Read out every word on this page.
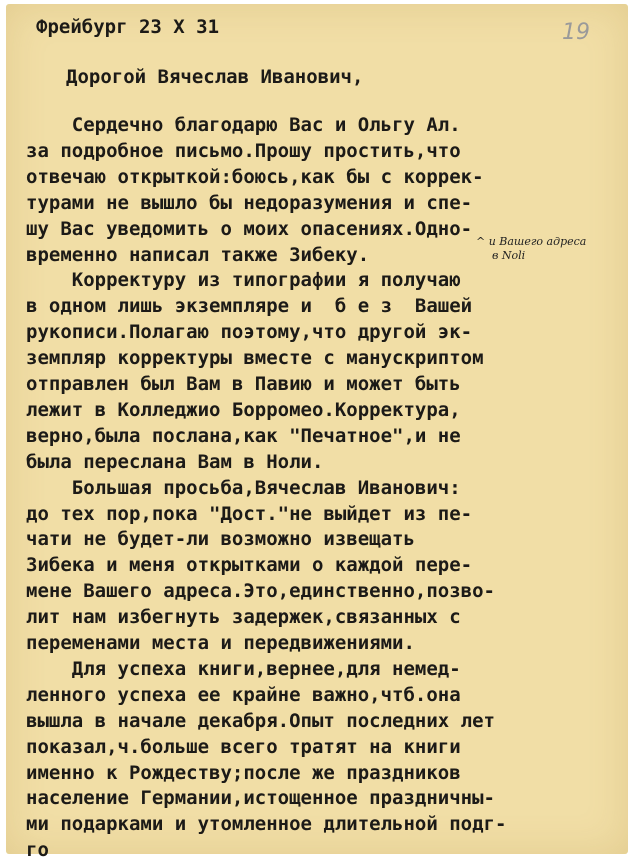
19
Фрейбург 23 X 31
Дорогой Вячеслав Иванович,
Сердечно благодарю Вас и Ольгу Ал.
за подробное письмо.Прошу простить,что
отвечаю открыткой:боюсь,как бы с коррек-
турами не вышло бы недоразумения и спе-
шу Вас уведомить о моих опасениях.Одно-
временно написал также Зибеку.
Корректуру из типографии я получаю
в одном лишь экземпляре и  б е з  Вашей
рукописи.Полагаю поэтому,что другой эк-
земпляр корректуры вместе с манускриптом
отправлен был Вам в Павию и может быть
лежит в Колледжио Борромео.Корректура,
верно,была послана,как "Печатное",и не
была переслана Вам в Ноли.
Большая просьба,Вячеслав Иванович:
до тех пор,пока "Дост."не выйдет из пе-
чати не будет-ли возможно извещать
Зибека и меня открытками о каждой пере-
мене Вашего адреса.Это,единственно,позво-
лит нам избегнуть задержек,связанных с
переменами места и передвижениями.
Для успеха книги,вернее,для немед-
ленного успеха ее крайне важно,чтб.она
вышла в начале декабря.Опыт последних лет
показал,ч.больше всего тратят на книги
именно к Рождеству;после же праздников
население Германии,истощенное праздничны-
ми подарками и утомленное длительной подг-
го
^ и Вашего адреса
в Noli
